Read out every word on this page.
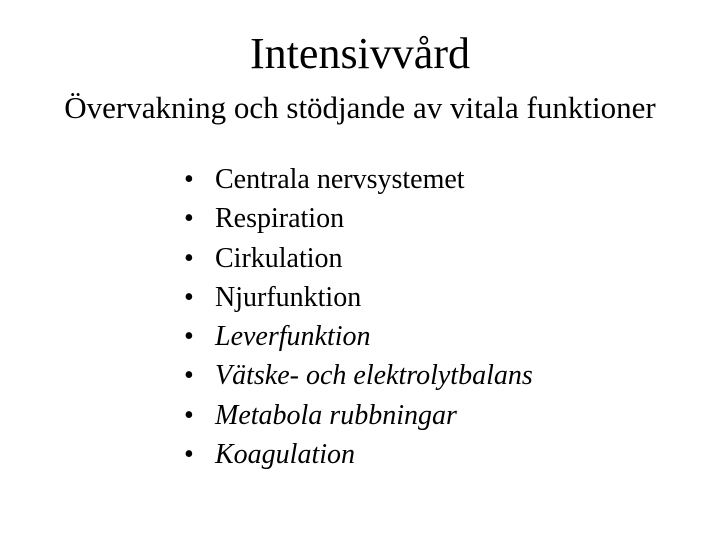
Intensivvård
Övervakning och stödjande av vitala funktioner
• Centrala nervsystemet
• Respiration
• Cirkulation
• Njurfunktion
• Leverfunktion
• Vätske- och elektrolytbalans
• Metabola rubbningar
• Koagulation
